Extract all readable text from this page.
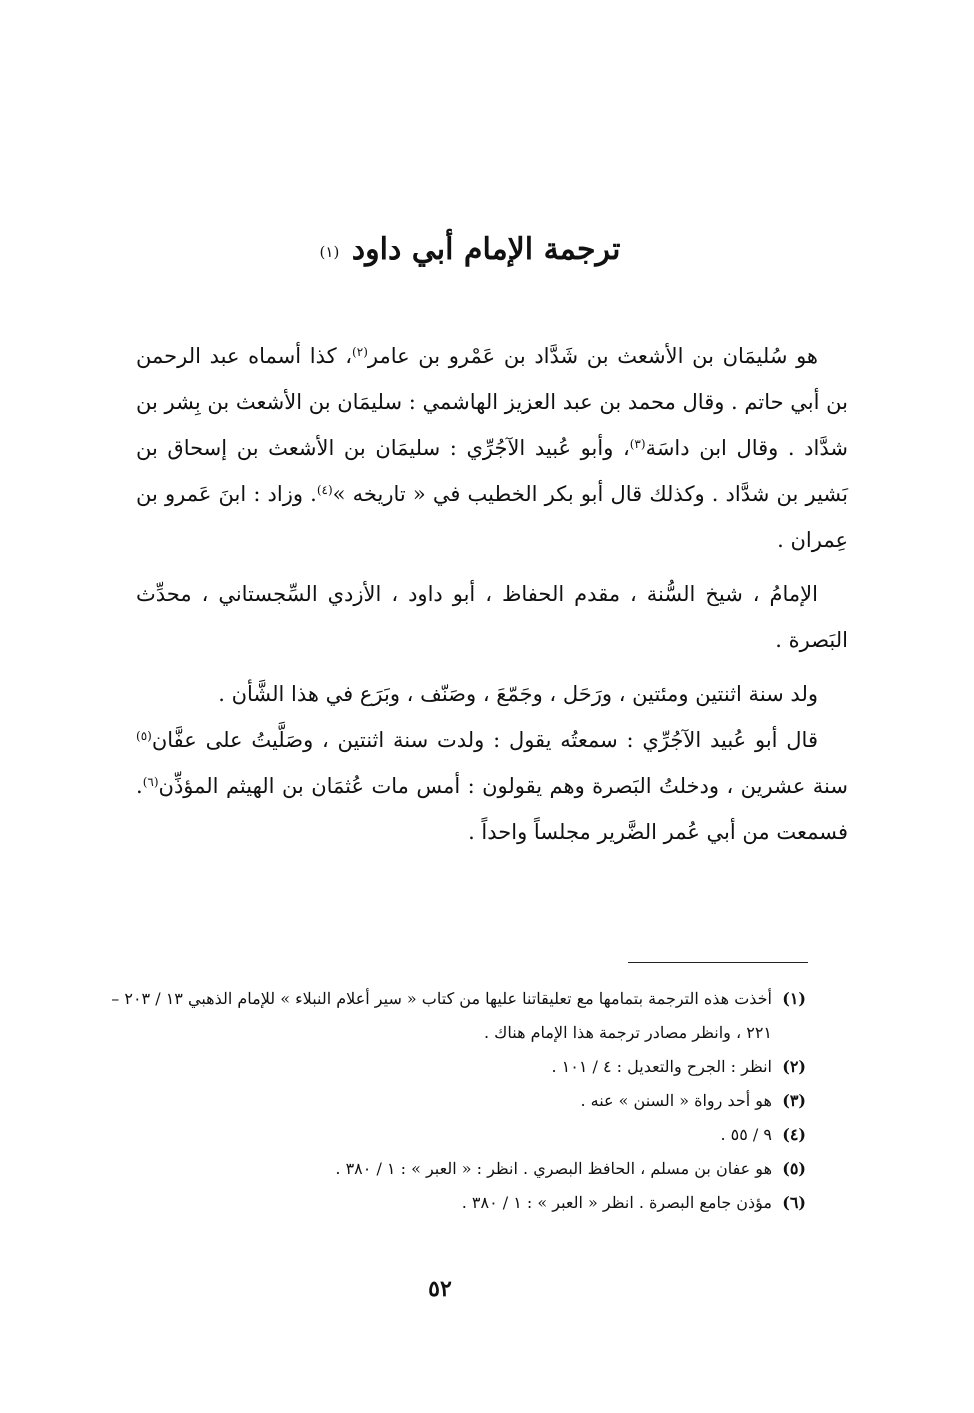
ترجمة الإمام أبي داود $^{(١)}$

هو سُليمَان بن الأشعث بن شَدَّاد بن عَمْرو بن عامر$^{(٢)}$، كذا أسماه عبد الرحمن بن أبي حاتم . وقال محمد بن عبد العزيز الهاشمي : سليمَان بن الأشعث بن بِشر بن شدَّاد . وقال ابن داسَة$^{(٣)}$، وأبو عُبيد الآجُرِّي : سليمَان بن الأشعث بن إسحاق بن بَشير بن شدَّاد . وكذلك قال أبو بكر الخطيب في « تاريخه »$^{(٤)}$. وزاد : ابنَ عَمرو بن عِمران .

الإمامُ ، شيخ السُّنة ، مقدم الحفاظ ، أبو داود ، الأزدي السِّجستاني ، محدِّث البَصرة .

ولد سنة اثنتين ومئتين ، ورَحَل ، وجَمّعَ ، وصَنّف ، وبَرَع في هذا الشَّأن .

قال أبو عُبيد الآجُرِّي : سمعتُه يقول : ولدت سنة اثنتين ، وصَلَّيتُ على عفَّان$^{(٥)}$ سنة عشرين ، ودخلتُ البَصرة وهم يقولون : أمس مات عُثمَان بن الهيثم المؤذِّن$^{(٦)}$. فسمعت من أبي عُمر الضَّرير مجلساً واحداً .

(١)
أخذت هذه الترجمة بتمامها مع تعليقاتنا عليها من كتاب « سير أعلام النبلاء » للإمام الذهبي ١٣ / ٢٠٣ – ٢٢١ ، وانظر مصادر ترجمة هذا الإمام هناك .
(٢)
انظر : الجرح والتعديل : ٤ / ١٠١ .
(٣)
هو أحد رواة « السنن » عنه .
(٤)
٩ / ٥٥ .
(٥)
هو عفان بن مسلم ، الحافظ البصري . انظر : « العبر » : ١ / ٣٨٠ .
(٦)
مؤذن جامع البصرة . انظر « العبر » : ١ / ٣٨٠ .
٥٢
